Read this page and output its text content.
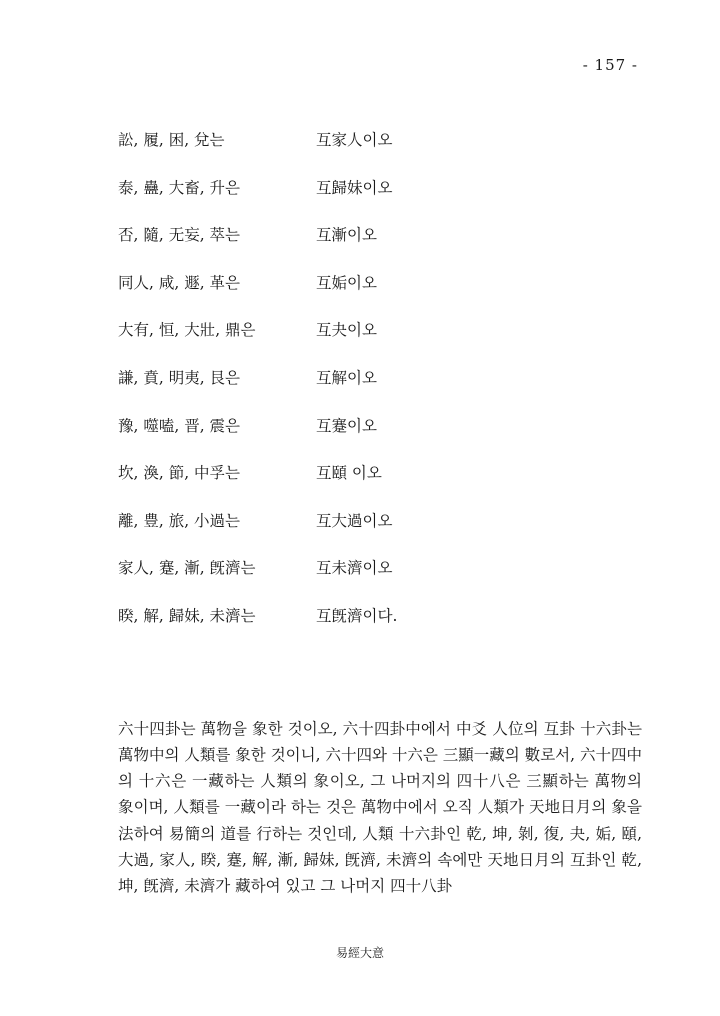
- 157 -
訟, 履, 困, 兌는	互家人이오
泰, 蠱, 大畜, 升은	互歸妹이오
否, 隨, 无妄, 萃는	互漸이오
同人, 咸, 遯, 革은	互姤이오
大有, 恒, 大壯, 鼎은	互夬이오
謙, 賁, 明夷, 艮은	互解이오
豫, 噬嗑, 晋, 震은	互蹇이오
坎, 渙, 節, 中孚는	互頤 이오
離, 豊, 旅, 小過는	互大過이오
家人, 蹇, 漸, 旣濟는	互未濟이오
睽, 解, 歸妹, 未濟는	互旣濟이다.

六十四卦는 萬物을 象한 것이오, 六十四卦中에서 中爻 人位의 互卦 十六卦는 萬物中의 人類를 象한 것이니, 六十四와 十六은 三顯一藏의 數로서, 六十四中의 十六은 一藏하는 人類의 象이오, 그 나머지의 四十八은 三顯하는 萬物의 象이며, 人類를 一藏이라 하는 것은 萬物中에서 오직 人類가 天地日月의 象을 法하여 易簡의 道를 行하는 것인데, 人類 十六卦인 乾, 坤, 剝, 復, 夬, 姤, 頤, 大過, 家人, 睽, 蹇, 解, 漸, 歸妹, 旣濟, 未濟의 속에만 天地日月의 互卦인 乾, 坤, 旣濟, 未濟가 藏하여 있고 그 나머지 四十八卦

易經大意
